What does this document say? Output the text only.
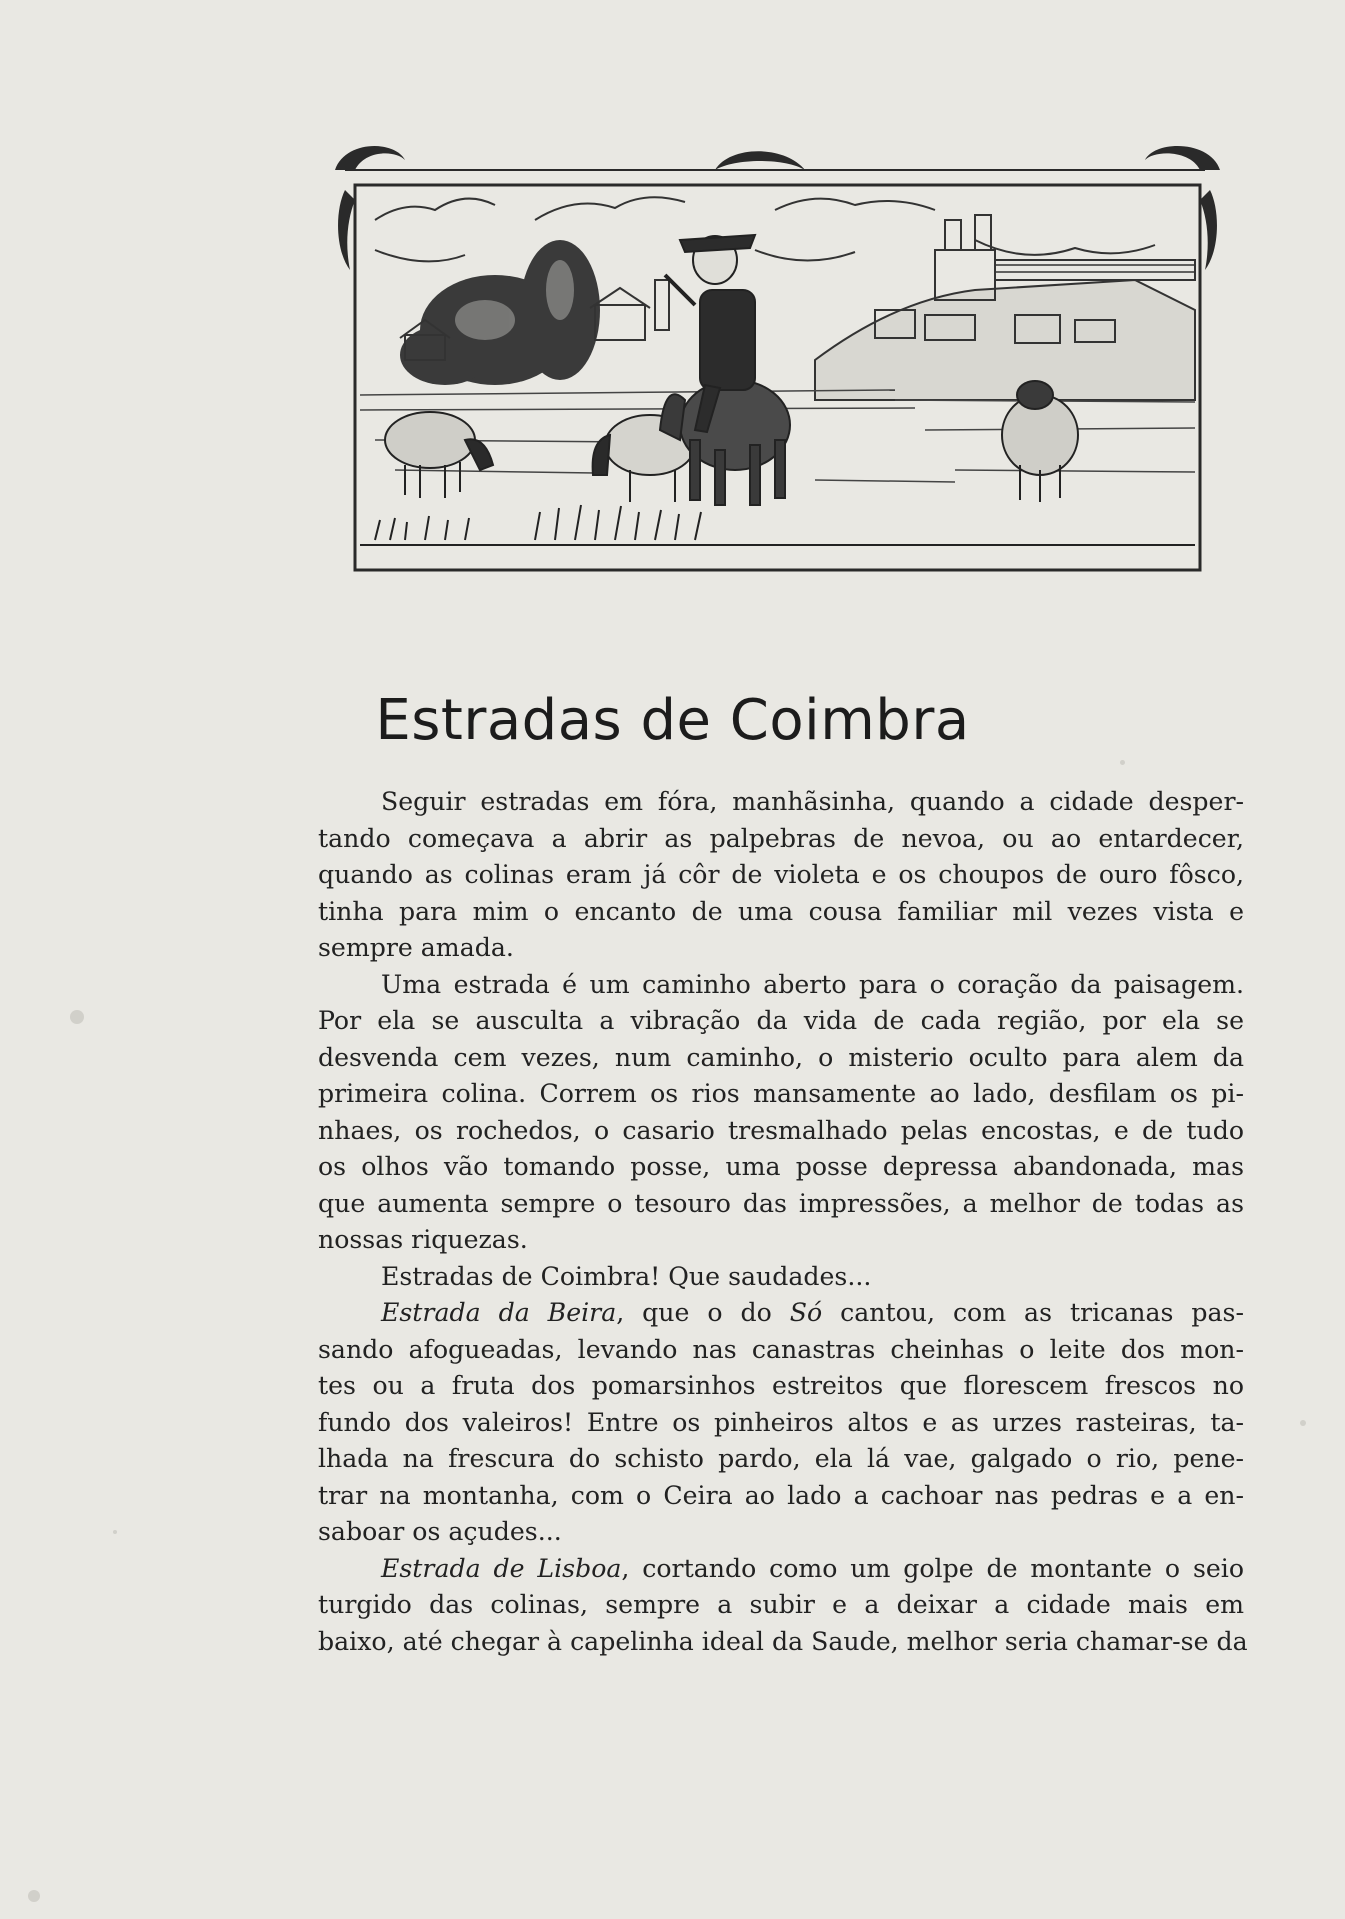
Estradas de Coimbra
Seguir estradas em fóra, manhãsinha, quando a cidade desper-
tando começava a abrir as palpebras de nevoa, ou ao entardecer,
quando as colinas eram já côr de violeta e os choupos de ouro fôsco,
tinha para mim o encanto de uma cousa familiar mil vezes vista e
sempre amada.
Uma estrada é um caminho aberto para o coração da paisagem.
Por ela se ausculta a vibração da vida de cada região, por ela se
desvenda cem vezes, num caminho, o misterio oculto para alem da
primeira colina. Correm os rios mansamente ao lado, desfilam os pi-
nhaes, os rochedos, o casario tresmalhado pelas encostas, e de tudo
os olhos vão tomando posse, uma posse depressa abandonada, mas
que aumenta sempre o tesouro das impressões, a melhor de todas as
nossas riquezas.
Estradas de Coimbra! Que saudades...
Estrada da Beira, que o do Só cantou, com as tricanas pas-
sando afogueadas, levando nas canastras cheinhas o leite dos mon-
tes ou a fruta dos pomarsinhos estreitos que florescem frescos no
fundo dos valeiros! Entre os pinheiros altos e as urzes rasteiras, ta-
lhada na frescura do schisto pardo, ela lá vae, galgado o rio, pene-
trar na montanha, com o Ceira ao lado a cachoar nas pedras e a en-
saboar os açudes...
Estrada de Lisboa, cortando como um golpe de montante o seio
turgido das colinas, sempre a subir e a deixar a cidade mais em
baixo, até chegar à capelinha ideal da Saude, melhor seria chamar-se da
